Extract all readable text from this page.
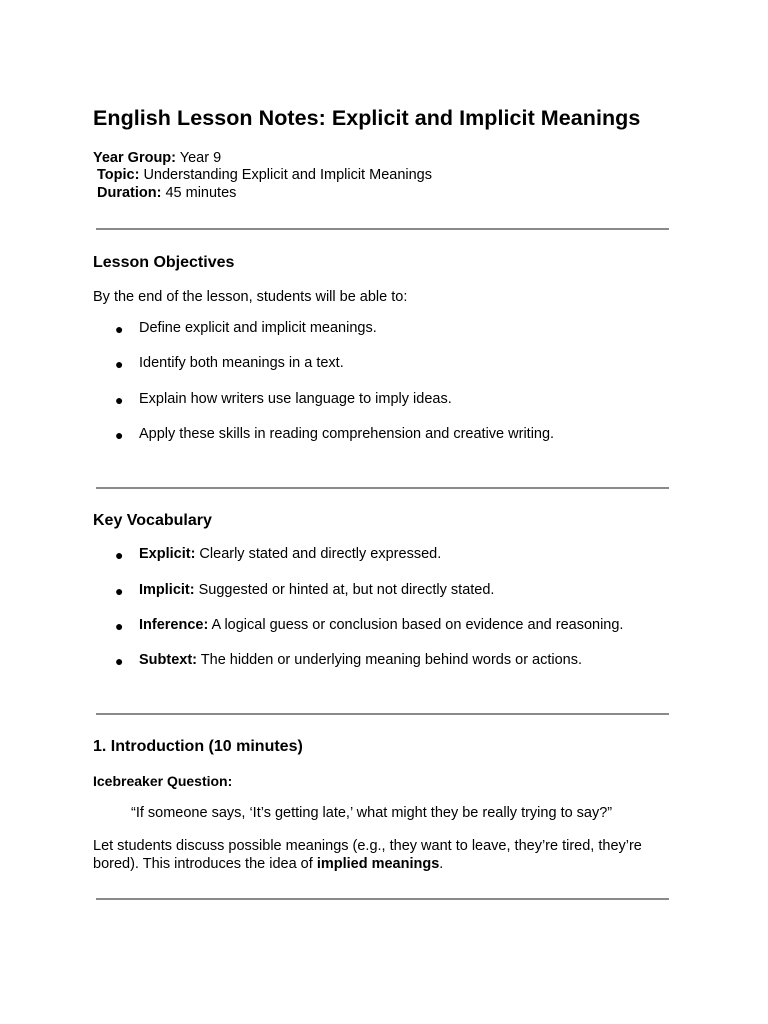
English Lesson Notes: Explicit and Implicit Meanings
Year Group: Year 9
Topic: Understanding Explicit and Implicit Meanings
Duration: 45 minutes
Lesson Objectives
By the end of the lesson, students will be able to:
● Define explicit and implicit meanings.
● Identify both meanings in a text.
● Explain how writers use language to imply ideas.
● Apply these skills in reading comprehension and creative writing.
Key Vocabulary
● Explicit: Clearly stated and directly expressed.
● Implicit: Suggested or hinted at, but not directly stated.
● Inference: A logical guess or conclusion based on evidence and reasoning.
● Subtext: The hidden or underlying meaning behind words or actions.
1. Introduction (10 minutes)
Icebreaker Question:
“If someone says, ‘It’s getting late,’ what might they be really trying to say?”
Let students discuss possible meanings (e.g., they want to leave, they’re tired, they’re bored). This introduces the idea of implied meanings.
